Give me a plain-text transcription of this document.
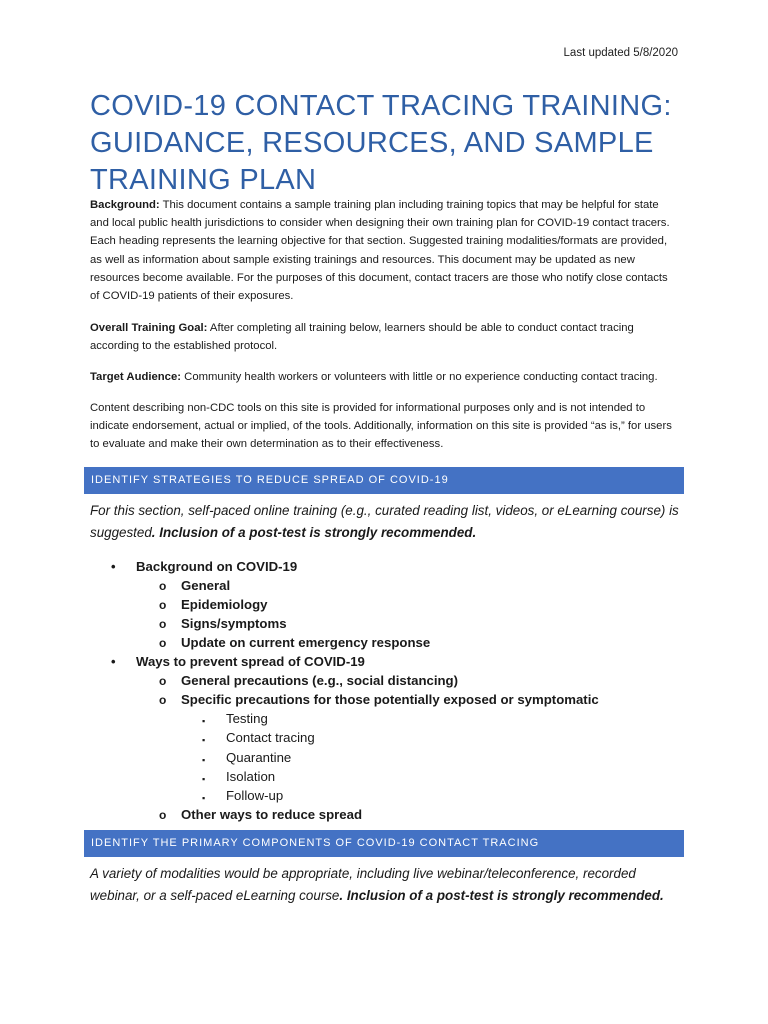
Last updated 5/8/2020
COVID-19 CONTACT TRACING TRAINING:
GUIDANCE, RESOURCES, AND SAMPLE
TRAINING PLAN

Background: This document contains a sample training plan including training topics that may be helpful for state and local public health jurisdictions to consider when designing their own training plan for COVID-19 contact tracers. Each heading represents the learning objective for that section. Suggested training modalities/formats are provided, as well as information about sample existing trainings and resources. This document may be updated as new resources become available. For the purposes of this document, contact tracers are those who notify close contacts of COVID-19 patients of their exposures.

Overall Training Goal: After completing all training below, learners should be able to conduct contact tracing according to the established protocol.

Target Audience: Community health workers or volunteers with little or no experience conducting contact tracing.

Content describing non-CDC tools on this site is provided for informational purposes only and is not intended to indicate endorsement, actual or implied, of the tools. Additionally, information on this site is provided “as is,” for users to evaluate and make their own determination as to their effectiveness.

IDENTIFY STRATEGIES TO REDUCE SPREAD OF COVID-19

For this section, self-paced online training (e.g., curated reading list, videos, or eLearning course) is suggested. Inclusion of a post-test is strongly recommended.

• Background on COVID-19
o General
o Epidemiology
o Signs/symptoms
o Update on current emergency response
• Ways to prevent spread of COVID-19
o General precautions (e.g., social distancing)
o Specific precautions for those potentially exposed or symptomatic
▪ Testing
▪ Contact tracing
▪ Quarantine
▪ Isolation
▪ Follow-up
o Other ways to reduce spread
IDENTIFY THE PRIMARY COMPONENTS OF COVID-19 CONTACT TRACING

A variety of modalities would be appropriate, including live webinar/teleconference, recorded webinar, or a self-paced eLearning course. Inclusion of a post-test is strongly recommended.
